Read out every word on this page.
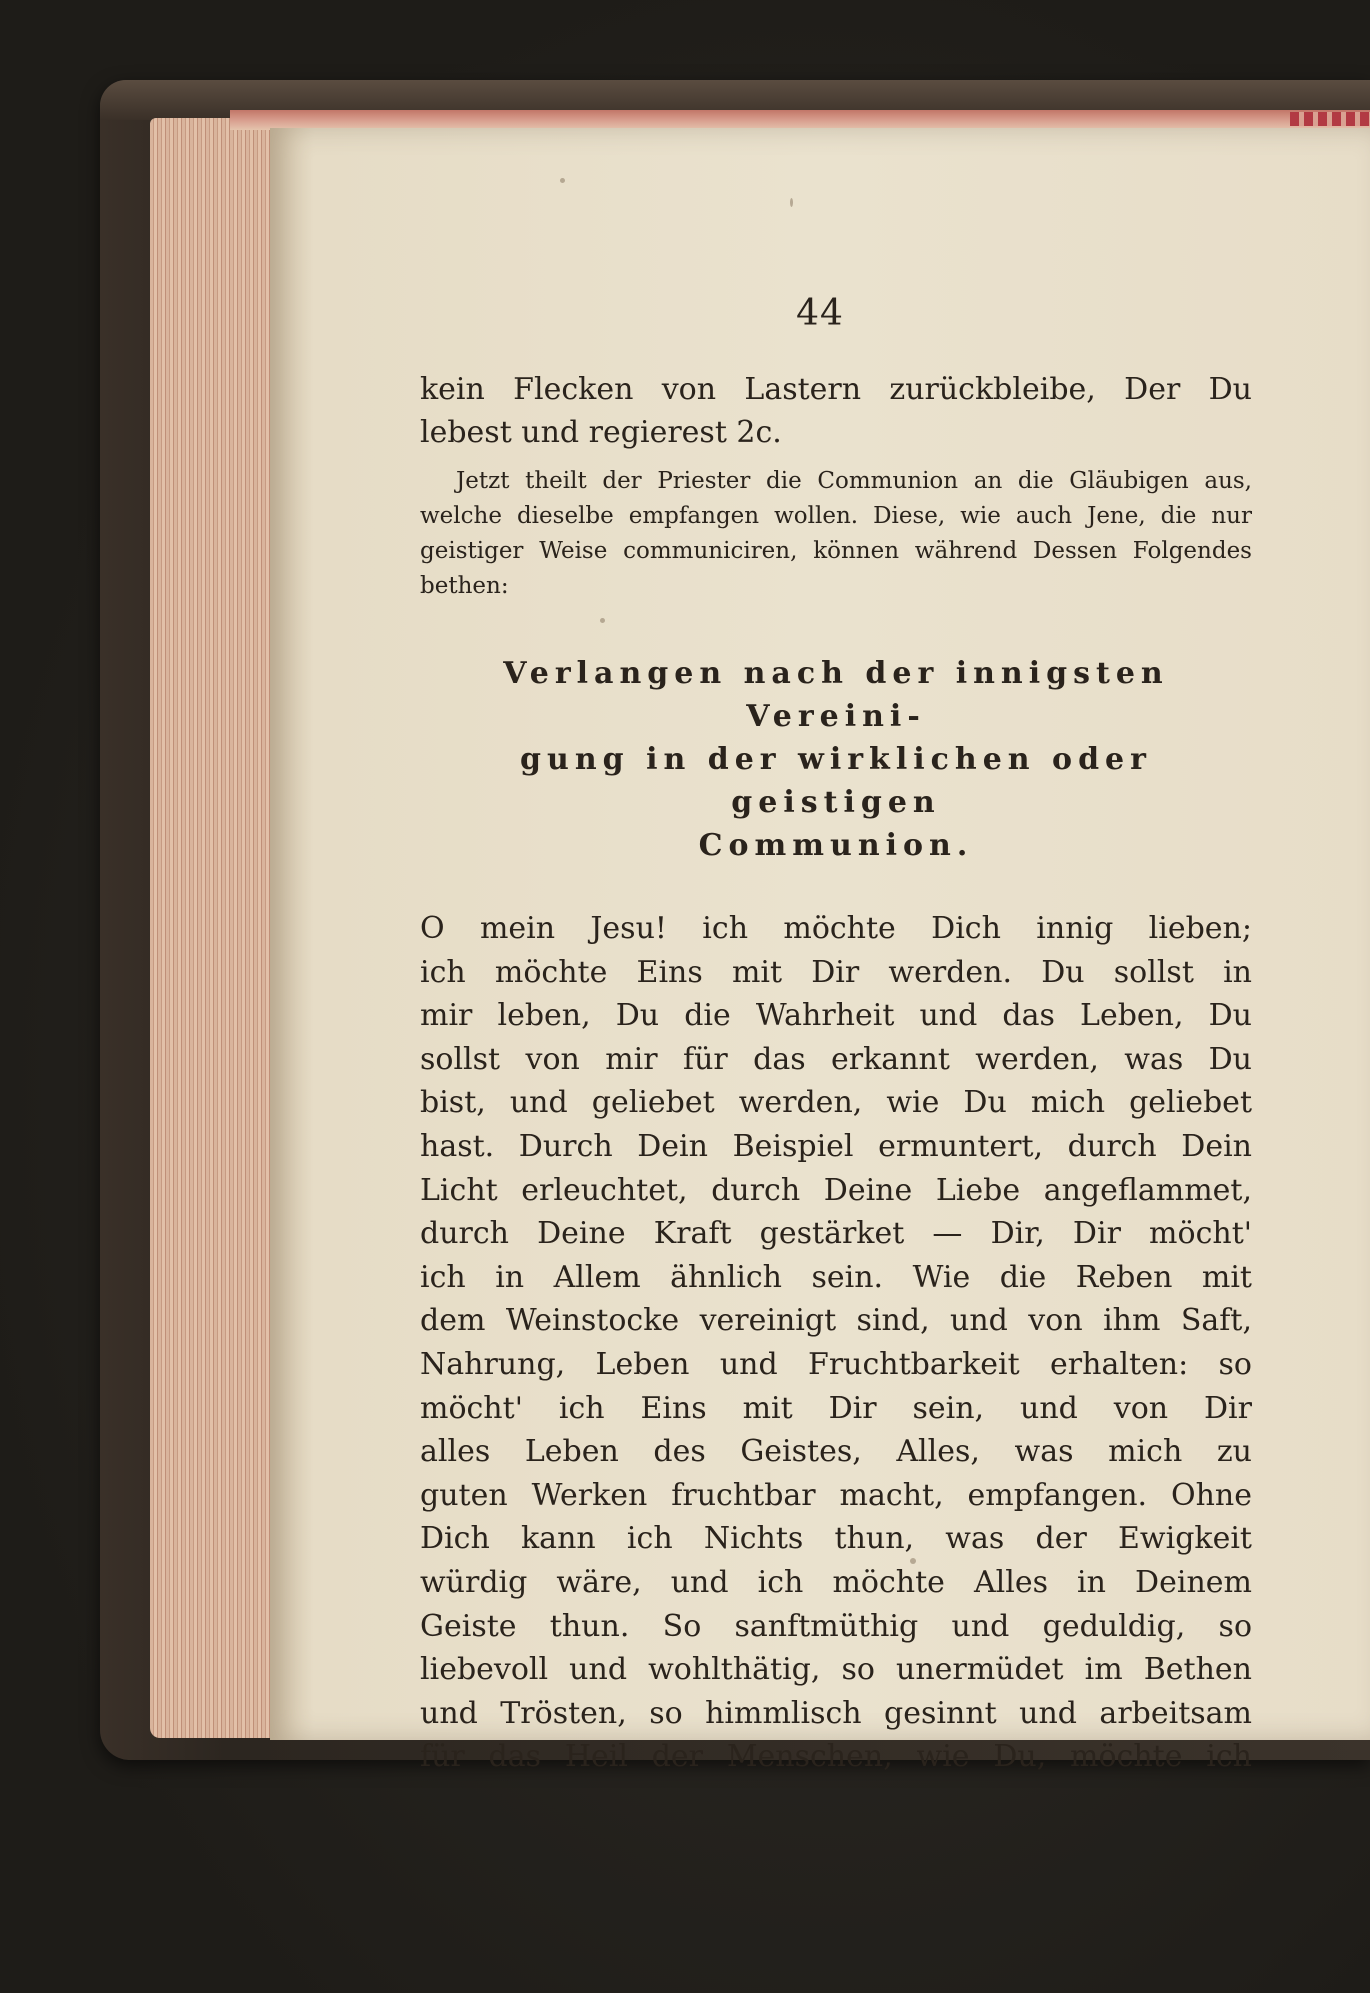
44

kein Flecken von Lastern zurückbleibe, Der Du

lebest und regierest 2c.

Jetzt theilt der Priester die Communion an die Gläubigen aus, welche dieselbe empfangen wollen. Diese, wie auch Jene, die nur geistiger Weise communiciren, können während Dessen Folgendes bethen:

Verlangen nach der innigsten Vereini-
gung in der wirklichen oder geistigen
Communion.
O mein Jesu! ich möchte Dich innig lieben;
ich möchte Eins mit Dir werden. Du sollst in
mir leben, Du die Wahrheit und das Leben, Du
sollst von mir für das erkannt werden, was Du
bist, und geliebet werden, wie Du mich geliebet
hast. Durch Dein Beispiel ermuntert, durch Dein
Licht erleuchtet, durch Deine Liebe angeflammet,
durch Deine Kraft gestärket — Dir, Dir möcht'
ich in Allem ähnlich sein. Wie die Reben mit
dem Weinstocke vereinigt sind, und von ihm Saft,
Nahrung, Leben und Fruchtbarkeit erhalten: so
möcht' ich Eins mit Dir sein, und von Dir
alles Leben des Geistes, Alles, was mich zu
guten Werken fruchtbar macht, empfangen. Ohne
Dich kann ich Nichts thun, was der Ewigkeit
würdig wäre, und ich möchte Alles in Deinem
Geiste thun. So sanftmüthig und geduldig, so
liebevoll und wohlthätig, so unermüdet im Bethen
und Trösten, so himmlisch gesinnt und arbeitsam
für das Heil der Menschen, wie Du, möchte ich
